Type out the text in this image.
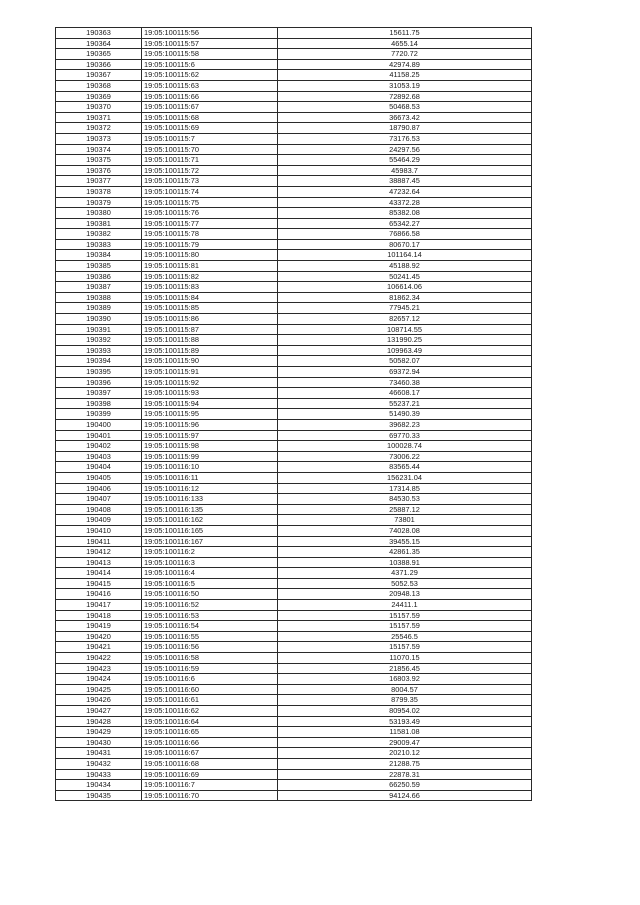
190363	19:05:100115:56	15611.75
190364	19:05:100115:57	4655.14
190365	19:05:100115:58	7720.72
190366	19:05:100115:6	42974.89
190367	19:05:100115:62	41158.25
190368	19:05:100115:63	31053.19
190369	19:05:100115:66	72892.68
190370	19:05:100115:67	50468.53
190371	19:05:100115:68	36673.42
190372	19:05:100115:69	18790.87
190373	19:05:100115:7	73176.53
190374	19:05:100115:70	24297.56
190375	19:05:100115:71	55464.29
190376	19:05:100115:72	45983.7
190377	19:05:100115:73	38887.45
190378	19:05:100115:74	47232.64
190379	19:05:100115:75	43372.28
190380	19:05:100115:76	85382.08
190381	19:05:100115:77	65342.27
190382	19:05:100115:78	76866.58
190383	19:05:100115:79	80670.17
190384	19:05:100115:80	101164.14
190385	19:05:100115:81	45188.92
190386	19:05:100115:82	50241.45
190387	19:05:100115:83	106614.06
190388	19:05:100115:84	81862.34
190389	19:05:100115:85	77945.21
190390	19:05:100115:86	82657.12
190391	19:05:100115:87	108714.55
190392	19:05:100115:88	131990.25
190393	19:05:100115:89	109963.49
190394	19:05:100115:90	50582.07
190395	19:05:100115:91	69372.94
190396	19:05:100115:92	73460.38
190397	19:05:100115:93	46608.17
190398	19:05:100115:94	55237.21
190399	19:05:100115:95	51490.39
190400	19:05:100115:96	39682.23
190401	19:05:100115:97	69770.33
190402	19:05:100115:98	100028.74
190403	19:05:100115:99	73006.22
190404	19:05:100116:10	83565.44
190405	19:05:100116:11	156231.04
190406	19:05:100116:12	17314.85
190407	19:05:100116:133	84530.53
190408	19:05:100116:135	25887.12
190409	19:05:100116:162	73801
190410	19:05:100116:165	74028.08
190411	19:05:100116:167	39455.15
190412	19:05:100116:2	42861.35
190413	19:05:100116:3	10388.91
190414	19:05:100116:4	4371.29
190415	19:05:100116:5	5052.53
190416	19:05:100116:50	20948.13
190417	19:05:100116:52	24411.1
190418	19:05:100116:53	15157.59
190419	19:05:100116:54	15157.59
190420	19:05:100116:55	25546.5
190421	19:05:100116:56	15157.59
190422	19:05:100116:58	11070.15
190423	19:05:100116:59	21856.45
190424	19:05:100116:6	16803.92
190425	19:05:100116:60	8004.57
190426	19:05:100116:61	8799.35
190427	19:05:100116:62	80954.02
190428	19:05:100116:64	53193.49
190429	19:05:100116:65	11581.08
190430	19:05:100116:66	29009.47
190431	19:05:100116:67	20210.12
190432	19:05:100116:68	21288.75
190433	19:05:100116:69	22878.31
190434	19:05:100116:7	66250.59
190435	19:05:100116:70	94124.66
